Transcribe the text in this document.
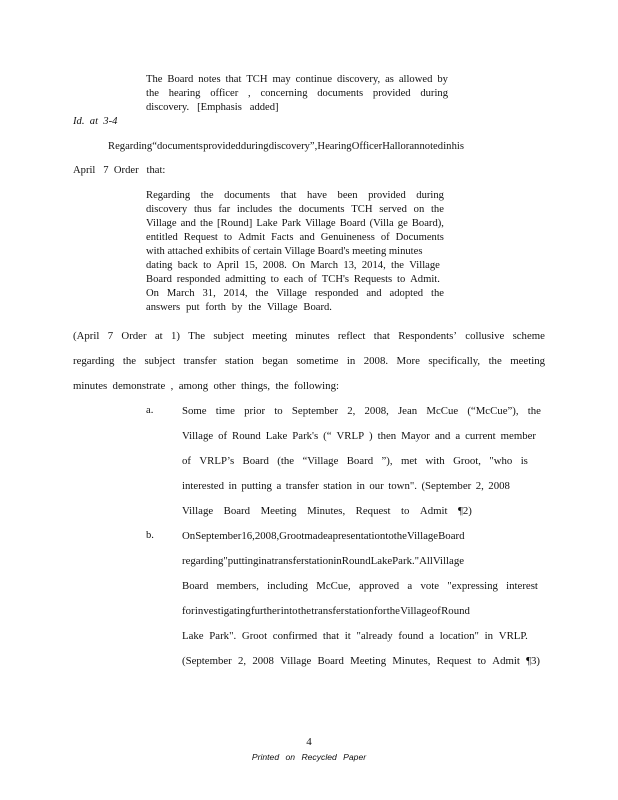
The Board notes that TCH may continue discovery, as allowed by
the hearing officer , concerning documents provided during
discovery.   [Emphasis   added]
Id.  at  3-4
Regarding “documents provided during discovery”, Hearing Officer Halloran noted in his
April   7  Order   that:
Regarding the documents that have been provided during
discovery thus far includes the documents TCH served on the
Village and the [Round] Lake Park Village Board (Villa ge Board),
entitled Request to Admit Facts and Genuineness of Documents
with attached exhibits of certain Village Board's meeting minutes
dating back to April 15, 2008. On March 13, 2014, the Village
Board responded admitting to each of TCH's Requests to Admit.
On March 31, 2014, the Village responded and adopted the
answers put forth by the Village Board.
(April 7 Order at 1) The subject meeting minutes reflect that Respondents’ collusive scheme
regarding the subject transfer station began sometime in 2008. More specifically, the meeting
minutes demonstrate , among other things, the following:
a.	Some time prior to September 2, 2008, Jean McCue (“McCue”), the
Village of Round Lake Park's (“ VRLP ) then Mayor and a current member
of VRLP’s Board (the “Village Board ”), met with Groot, "who is
interested in putting a transfer station in our town". (September 2, 2008
Village Board Meeting Minutes, Request to Admit ¶2)
b.	On September 16, 2008, Groot made a presentation to the Village Board
regarding "putting in a tr ansfer station in Round Lake Park." All Village
Board members, including McCue, approved a vote "expressing interest
for investigating further into the transfer station for the Village of Round
Lake Park". Groot confirmed that it "already found a location" in VRLP.
(September 2, 2008 Village Board Meeting Minutes, Request to Admit ¶3)
4
Printed on Recycled Paper
